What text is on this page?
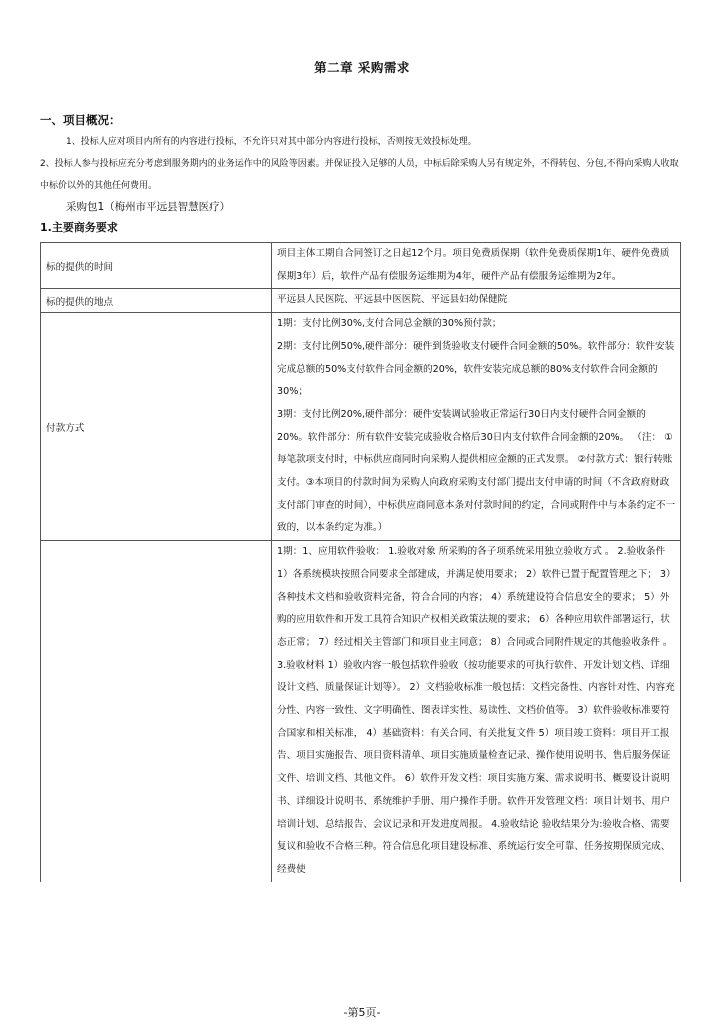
第二章 采购需求
一、项目概况：
1、投标人应对项目内所有的内容进行投标，不允许只对其中部分内容进行投标，否则按无效投标处理。
2、投标人参与投标应充分考虑到服务期内的业务运作中的风险等因素。并保证投入足够的人员，中标后除采购人另有规定外，不得转包、分包,不得向采购人收取中标价以外的其他任何费用。
采购包1（梅州市平远县智慧医疗）
1.主要商务要求
标的提供的时间	项目主体工期自合同签订之日起12个月。项目免费质保期（软件免费质保期1年、硬件免费质保期3年）后，软件产品有偿服务运维期为4年，硬件产品有偿服务运维期为2年。
标的提供的地点	平远县人民医院、平远县中医医院、平远县妇幼保健院
付款方式	1期：支付比例30%,支付合同总金额的30%预付款；
2期：支付比例50%,硬件部分：硬件到货验收支付硬件合同金额的50%。软件部分：软件安装完成总额的50%支付软件合同金额的20%，软件安装完成总额的80%支付软件合同金额的30%；
3期：支付比例20%,硬件部分：硬件安装调试验收正常运行30日内支付硬件合同金额的20%。软件部分：所有软件安装完成验收合格后30日内支付软件合同金额的20%。 （注： ①每笔款项支付时，中标供应商同时向采购人提供相应金额的正式发票。 ②付款方式：银行转账支付。③本项目的付款时间为采购人向政府采购支付部门提出支付申请的时间（不含政府财政支付部门审查的时间），中标供应商同意本条对付款时间的约定，合同或附件中与本条约定不一致的，以本条约定为准。）

	1期：1、应用软件验收： 1.验收对象 所采购的各子项系统采用独立验收方式 。 2.验收条件 1）各系统模块按照合同要求全部建成，并满足使用要求； 2）软件已置于配置管理之下； 3）各种技术文档和验收资料完备，符合合同的内容； 4）系统建设符合信息安全的要求； 5）外购的应用软件和开发工具符合知识产权相关政策法规的要求； 6）各种应用软件部署运行，状态正常； 7）经过相关主管部门和项目业主同意； 8）合同或合同附件规定的其他验收条件 。 3.验收材料 1）验收内容一般包括软件验收（按功能要求的可执行软件、开发计划文档、详细设计文档、质量保证计划等）。 2）文档验收标准一般包括：文档完备性、内容针对性、内容充分性、内容一致性、文字明确性、图表详实性、易读性、文档价值等。 3）软件验收标准要符合国家和相关标准， 4）基础资料：有关合同、有关批复文件 5）项目竣工资料：项目开工报告、项目实施报告、项目资料清单、项目实施质量检查记录、操作使用说明书、售后服务保证文件、培训文档、其他文件。 6）软件开发文档：项目实施方案、需求说明书、概要设计说明书、详细设计说明书、系统维护手册、用户操作手册。软件开发管理文档：项目计划书、用户培训计划、总结报告、会议记录和开发进度周报。 4.验收结论 验收结果分为:验收合格、需要复议和验收不合格三种。符合信息化项目建设标准、系统运行安全可靠、任务按期保质完成、经费使
-第5页-
